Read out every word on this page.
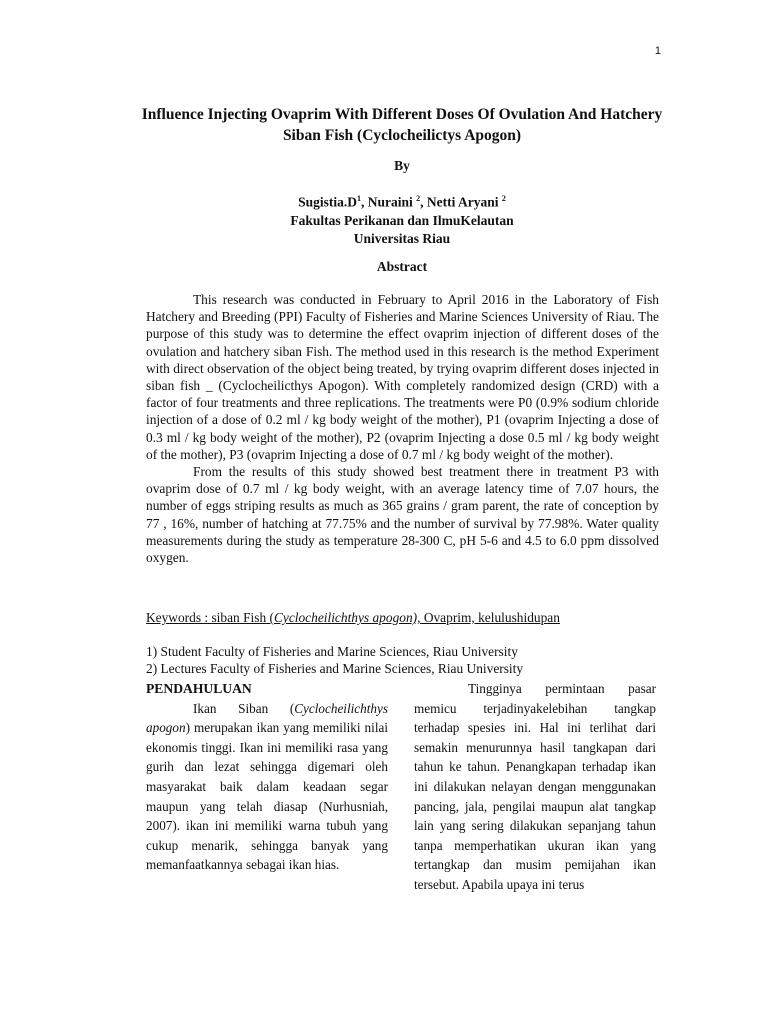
1
Influence Injecting Ovaprim With Different Doses Of Ovulation And Hatchery Siban Fish (Cyclocheilictys Apogon)
By
$Sugistia.D^1$, Nuraini $^2$, Netti Aryani $^2$
Fakultas Perikanan dan IlmuKelautan
Universitas Riau
Abstract

This research was conducted in February to April 2016 in the Laboratory of Fish Hatchery and Breeding (PPI) Faculty of Fisheries and Marine Sciences University of Riau. The purpose of this study was to determine the effect ovaprim injection of different doses of the ovulation and hatchery siban Fish. The method used in this research is the method Experiment with direct observation of the object being treated, by trying ovaprim different doses injected in siban fish _ (Cyclocheilicthys Apogon). With completely randomized design (CRD) with a factor of four treatments and three replications. The treatments were P0 (0.9% sodium chloride injection of a dose of 0.2 ml / kg body weight of the mother), P1 (ovaprim Injecting a dose of 0.3 ml / kg body weight of the mother), P2 (ovaprim Injecting a dose 0.5 ml / kg body weight of the mother), P3 (ovaprim Injecting a dose of 0.7 ml / kg body weight of the mother).

From the results of this study showed best treatment there in treatment P3 with ovaprim dose of 0.7 ml / kg body weight, with an average latency time of 7.07 hours, the number of eggs striping results as much as 365 grains / gram parent, the rate of conception by 77 , 16%, number of hatching at 77.75% and the number of survival by 77.98%. Water quality measurements during the study as temperature 28-300 C, pH 5-6 and 4.5 to 6.0 ppm dissolved oxygen.

Keywords : siban Fish (Cyclocheilichthys apogon), Ovaprim, kelulushidupan
1) Student Faculty of Fisheries and Marine Sciences, Riau University
2) Lectures Faculty of Fisheries and Marine Sciences, Riau University
PENDAHULUAN
Ikan Siban (Cyclocheilichthys apogon) merupakan ikan yang memiliki nilai ekonomis tinggi. Ikan ini memiliki rasa yang gurih dan lezat sehingga digemari oleh masyarakat baik dalam keadaan segar maupun yang telah diasap (Nurhusniah, 2007). ikan ini memiliki warna tubuh yang cukup menarik, sehingga banyak yang memanfaatkannya sebagai ikan hias.
Tingginya permintaan pasar memicu terjadinyakelebihan tangkap terhadap spesies ini. Hal ini terlihat dari semakin menurunnya hasil tangkapan dari tahun ke tahun. Penangkapan terhadap ikan ini dilakukan nelayan dengan menggunakan pancing, jala, pengilai maupun alat tangkap lain yang sering dilakukan sepanjang tahun tanpa memperhatikan ukuran ikan yang tertangkap dan musim pemijahan ikan tersebut. Apabila upaya ini terus
